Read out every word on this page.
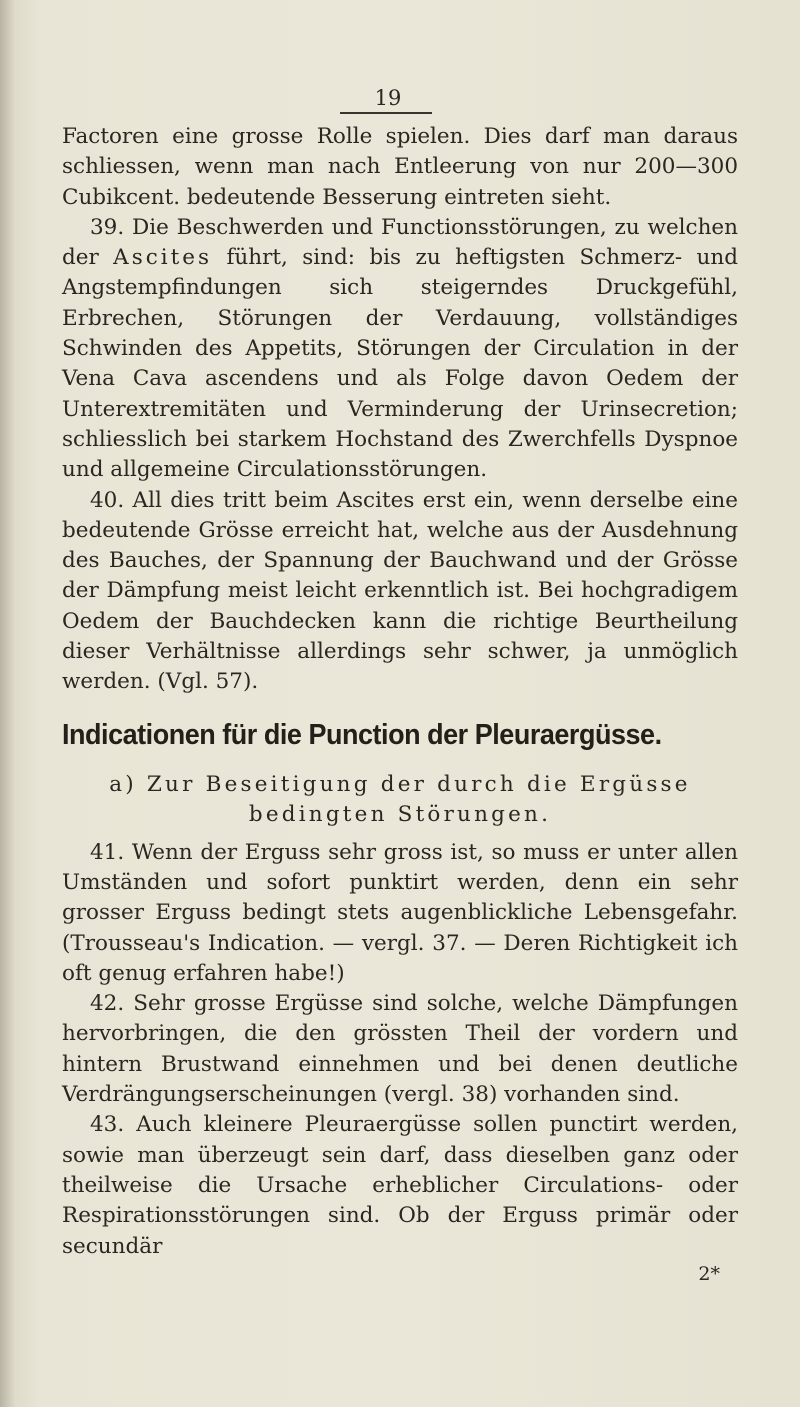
19

Factoren eine grosse Rolle spielen. Dies darf man daraus schliessen, wenn man nach Entleerung von nur 200—300 Cubikcent. bedeutende Besserung eintreten sieht.

39. Die Beschwerden und Functionsstörungen, zu welchen der Ascites führt, sind: bis zu heftigsten Schmerz- und Angstempfindungen sich steigerndes Druckgefühl, Erbrechen, Störungen der Verdauung, vollständiges Schwinden des Appetits, Störungen der Circulation in der Vena Cava ascendens und als Folge davon Oedem der Unterextremitäten und Verminderung der Urinsecretion; schliesslich bei starkem Hochstand des Zwerchfells Dyspnoe und allgemeine Circulationsstörungen.

40. All dies tritt beim Ascites erst ein, wenn derselbe eine bedeutende Grösse erreicht hat, welche aus der Ausdehnung des Bauches, der Spannung der Bauchwand und der Grösse der Dämpfung meist leicht erkenntlich ist. Bei hochgradigem Oedem der Bauchdecken kann die richtige Beurtheilung dieser Verhältnisse allerdings sehr schwer, ja unmöglich werden. (Vgl. 57).

Indicationen für die Punction der Pleuraergüsse.

a) Zur Beseitigung der durch die Ergüsse bedingten Störungen.

41. Wenn der Erguss sehr gross ist, so muss er unter allen Umständen und sofort punktirt werden, denn ein sehr grosser Erguss bedingt stets augenblickliche Lebensgefahr. (Trousseau's Indication. — vergl. 37. — Deren Richtigkeit ich oft genug erfahren habe!)

42. Sehr grosse Ergüsse sind solche, welche Dämpfungen hervorbringen, die den grössten Theil der vordern und hintern Brustwand einnehmen und bei denen deutliche Verdrängungserscheinungen (vergl. 38) vorhanden sind.

43. Auch kleinere Pleuraergüsse sollen punctirt werden, sowie man überzeugt sein darf, dass dieselben ganz oder theilweise die Ursache erheblicher Circulations- oder Respirationsstörungen sind. Ob der Erguss primär oder secundär

2*
